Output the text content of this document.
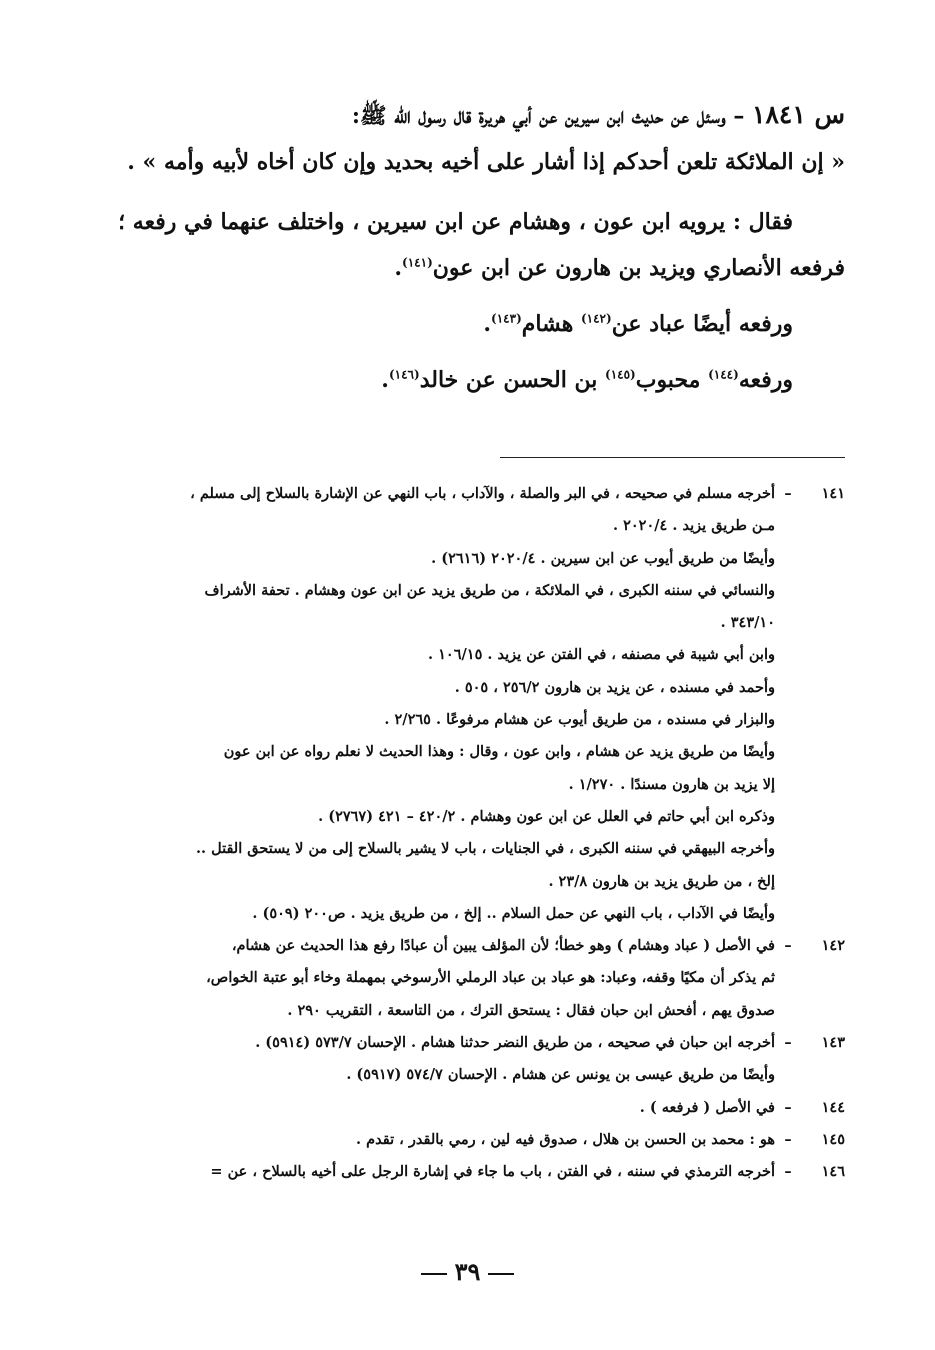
س ١٨٤١ – وسئل عن حديث ابن سيرين عن أبي هريرة قال رسول الله ﷺ:

« إن الملائكة تلعن أحدكم إذا أشار على أخيه بحديد وإن كان أخاه لأبيه وأمه » .

فقال : يرويه ابن عون ، وهشام عن ابن سيرين ، واختلف عنهما في رفعه ؛

فرفعه الأنصاري ويزيد بن هارون عن ابن عون$^{(١٤١)}$.

ورفعه أيضًا عباد عن$^{(١٤٢)}$ هشام$^{(١٤٣)}$.

ورفعه$^{(١٤٤)}$ محبوب$^{(١٤٥)}$ بن الحسن عن خالد$^{(١٤٦)}$.

١٤١–أخرجه مسلم في صحيحه ، في البر والصلة ، والآداب ، باب النهي عن الإشارة بالسلاح إلى مسلم ،

مـن طريق يزيد . ٢٠٢٠/٤ .

وأيضًا من طريق أيوب عن ابن سيرين . ٢٠٢٠/٤ (٢٦١٦) .

والنسائي في سننه الكبرى ، في الملائكة ، من طريق يزيد عن ابن عون وهشام . تحفة الأشراف

٣٤٣/١٠ .

وابن أبي شيبة في مصنفه ، في الفتن عن يزيد . ١٠٦/١٥ .

وأحمد في مسنده ، عن يزيد بن هارون ٢٥٦/٢ ، ٥٠٥ .

والبزار في مسنده ، من طريق أيوب عن هشام مرفوعًا . ٢/٢٦٥ .

وأيضًا من طريق يزيد عن هشام ، وابن عون ، وقال : وهذا الحديث لا نعلم رواه عن ابن عون

إلا يزيد بن هارون مسندًا . ١/٢٧٠ .

وذكره ابن أبي حاتم في العلل عن ابن عون وهشام . ٤٢٠/٢ – ٤٢١ (٢٧٦٧) .

وأخرجه البيهقي في سننه الكبرى ، في الجنايات ، باب لا يشير بالسلاح إلى من لا يستحق القتل ..

إلخ ، من طريق يزيد بن هارون ٢٣/٨ .

وأيضًا في الآداب ، باب النهي عن حمل السلام .. إلخ ، من طريق يزيد . ص٢٠٠ (٥٠٩) .

١٤٢–في الأصل ( عباد وهشام ) وهو خطأ؛ لأن المؤلف يبين أن عبادًا رفع هذا الحديث عن هشام،

ثم يذكر أن مكيًا وقفه، وعباد: هو عباد بن عباد الرملي الأرسوخي بمهملة وخاء أبو عتبة الخواص،

صدوق يهم ، أفحش ابن حبان فقال : يستحق الترك ، من التاسعة ، التقريب ٢٩٠ .

١٤٣–أخرجه ابن حبان في صحيحه ، من طريق النضر حدثنا هشام . الإحسان ٥٧٣/٧ (٥٩١٤) .

وأيضًا من طريق عيسى بن يونس عن هشام . الإحسان ٥٧٤/٧ (٥٩١٧) .

١٤٤–في الأصل ( فرفعه ) .

١٤٥–هو : محمد بن الحسن بن هلال ، صدوق فيه لين ، رمي بالقدر ، تقدم .

١٤٦–أخرجه الترمذي في سننه ، في الفتن ، باب ما جاء في إشارة الرجل على أخيه بالسلاح ، عن =

٣٩
